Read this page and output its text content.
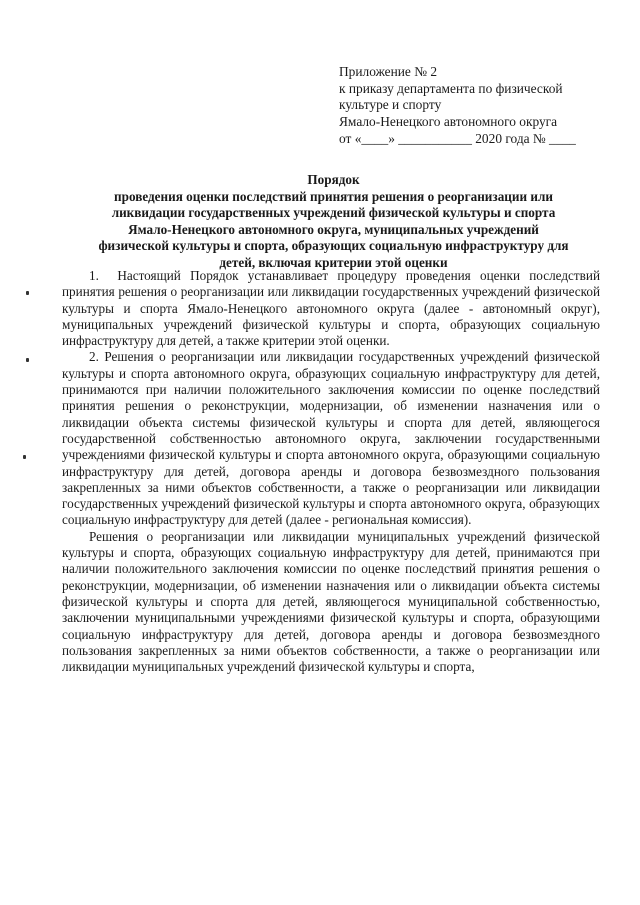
Приложение № 2
к приказу департамента по физической
культуре и спорту
Ямало-Ненецкого автономного округа
от «____» ___________ 2020 года № ____
Порядок
проведения оценки последствий принятия решения о реорганизации или
ликвидации государственных учреждений физической культуры и спорта
Ямало-Ненецкого автономного округа, муниципальных учреждений
физической культуры и спорта, образующих социальную инфраструктуру для
детей, включая критерии этой оценки

1.  Настоящий Порядок устанавливает процедуру проведения оценки последствий принятия решения о реорганизации или ликвидации государственных учреждений физической культуры и спорта Ямало-Ненецкого автономного округа (далее - автономный округ), муниципальных учреждений физической культуры и спорта, образующих социальную инфраструктуру для детей, а также критерии этой оценки.

2. Решения о реорганизации или ликвидации государственных учреждений физической культуры и спорта автономного округа, образующих социальную инфраструктуру для детей, принимаются при наличии положительного заключения комиссии по оценке последствий принятия решения о реконструкции, модернизации, об изменении назначения или о ликвидации объекта системы физической культуры и спорта для детей, являющегося государственной собственностью автономного округа, заключении государственными учреждениями физической культуры и спорта автономного округа, образующими социальную инфраструктуру для детей, договора аренды и договора безвозмездного пользования закрепленных за ними объектов собственности, а также о реорганизации или ликвидации государственных учреждений физической культуры и спорта автономного округа, образующих социальную инфраструктуру для детей (далее - региональная комиссия).

Решения о реорганизации или ликвидации муниципальных учреждений физической культуры и спорта, образующих социальную инфраструктуру для детей, принимаются при наличии положительного заключения комиссии по оценке последствий принятия решения о реконструкции, модернизации, об изменении назначения или о ликвидации объекта системы физической культуры и спорта для детей, являющегося муниципальной собственностью, заключении муниципальными учреждениями физической культуры и спорта, образующими социальную инфраструктуру для детей, договора аренды и договора безвозмездного пользования закрепленных за ними объектов собственности, а также о реорганизации или ликвидации муниципальных учреждений физической культуры и спорта,
